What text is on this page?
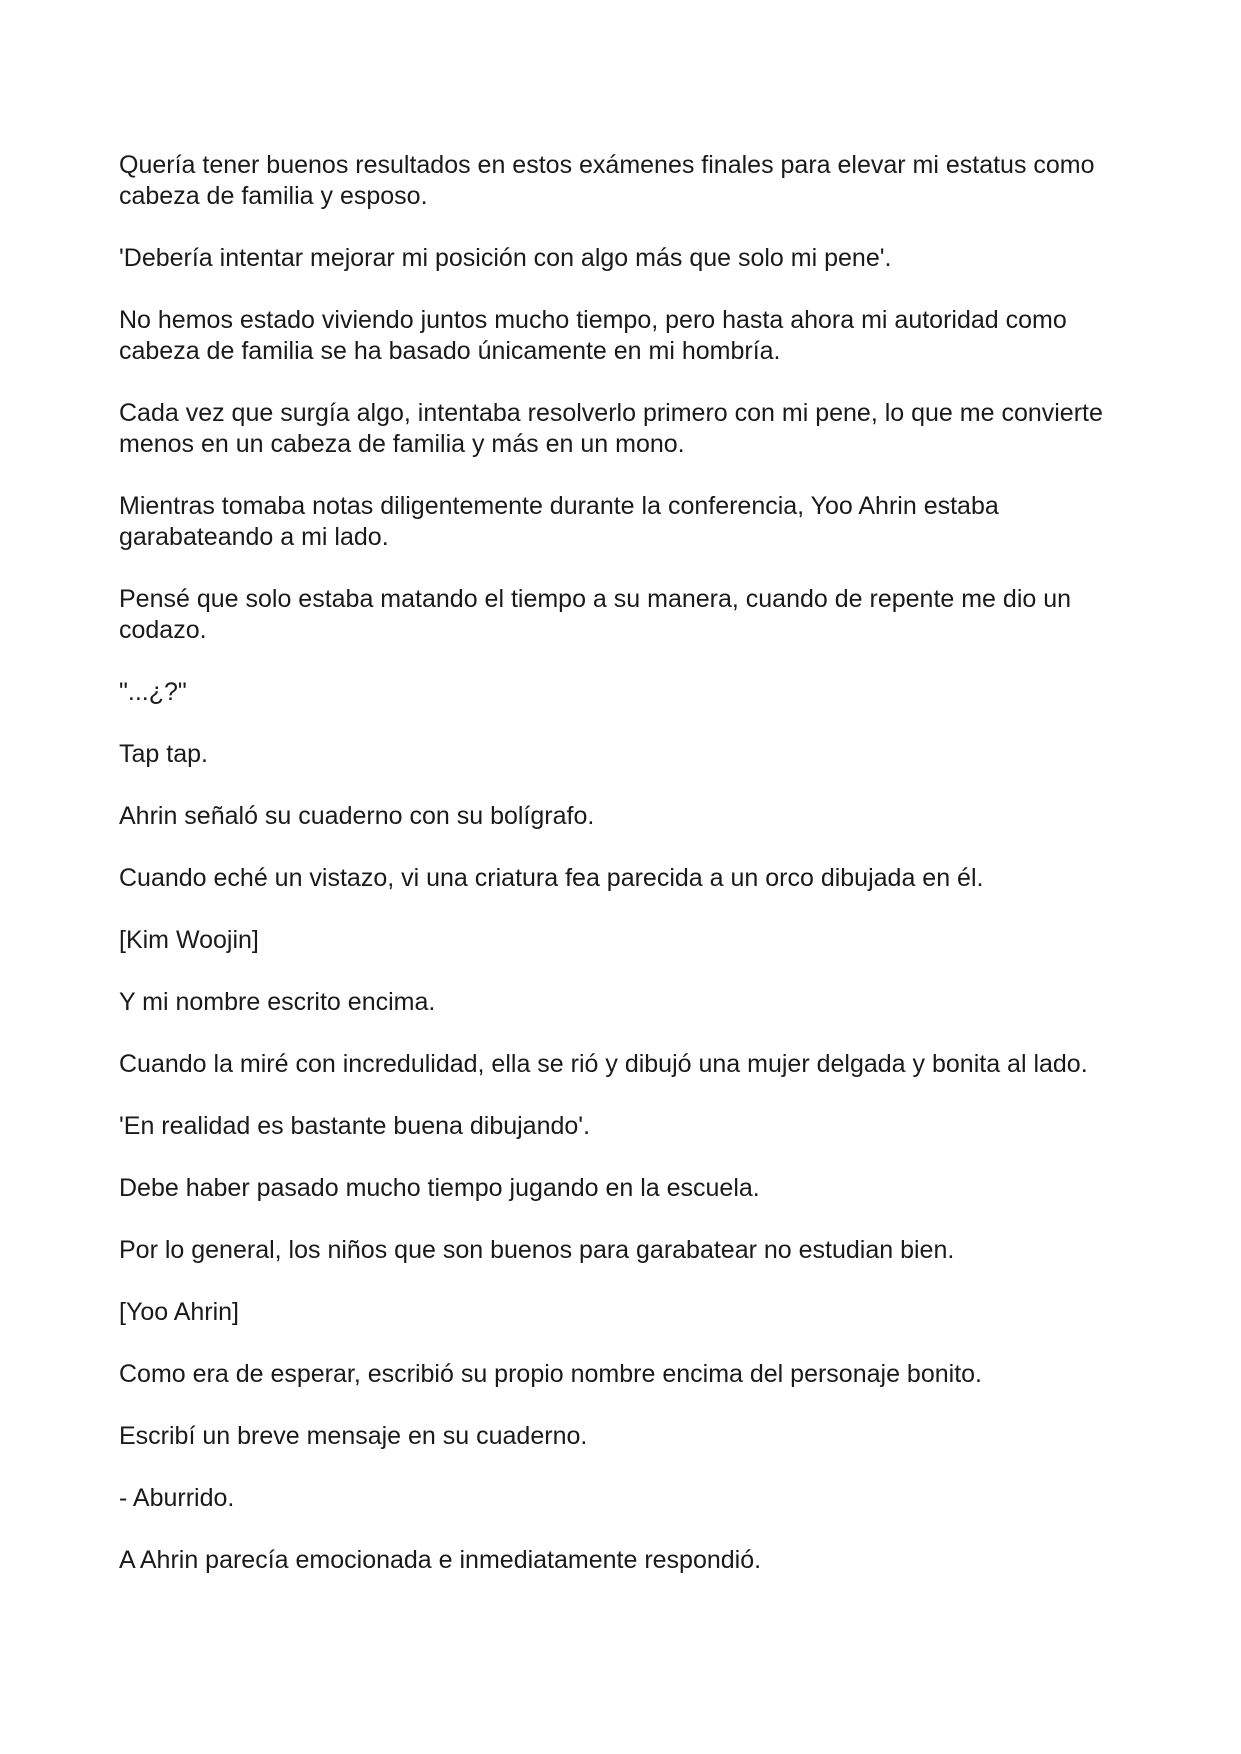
Quería tener buenos resultados en estos exámenes finales para elevar mi estatus como cabeza de familia y esposo.

'Debería intentar mejorar mi posición con algo más que solo mi pene'.

No hemos estado viviendo juntos mucho tiempo, pero hasta ahora mi autoridad como cabeza de familia se ha basado únicamente en mi hombría.

Cada vez que surgía algo, intentaba resolverlo primero con mi pene, lo que me convierte menos en un cabeza de familia y más en un mono.

Mientras tomaba notas diligentemente durante la conferencia, Yoo Ahrin estaba garabateando a mi lado.

Pensé que solo estaba matando el tiempo a su manera, cuando de repente me dio un codazo.

"...¿?"

Tap tap.

Ahrin señaló su cuaderno con su bolígrafo.

Cuando eché un vistazo, vi una criatura fea parecida a un orco dibujada en él.

[Kim Woojin]

Y mi nombre escrito encima.

Cuando la miré con incredulidad, ella se rió y dibujó una mujer delgada y bonita al lado.

'En realidad es bastante buena dibujando'.

Debe haber pasado mucho tiempo jugando en la escuela.

Por lo general, los niños que son buenos para garabatear no estudian bien.

[Yoo Ahrin]

Como era de esperar, escribió su propio nombre encima del personaje bonito.

Escribí un breve mensaje en su cuaderno.

- Aburrido.

A Ahrin parecía emocionada e inmediatamente respondió.
